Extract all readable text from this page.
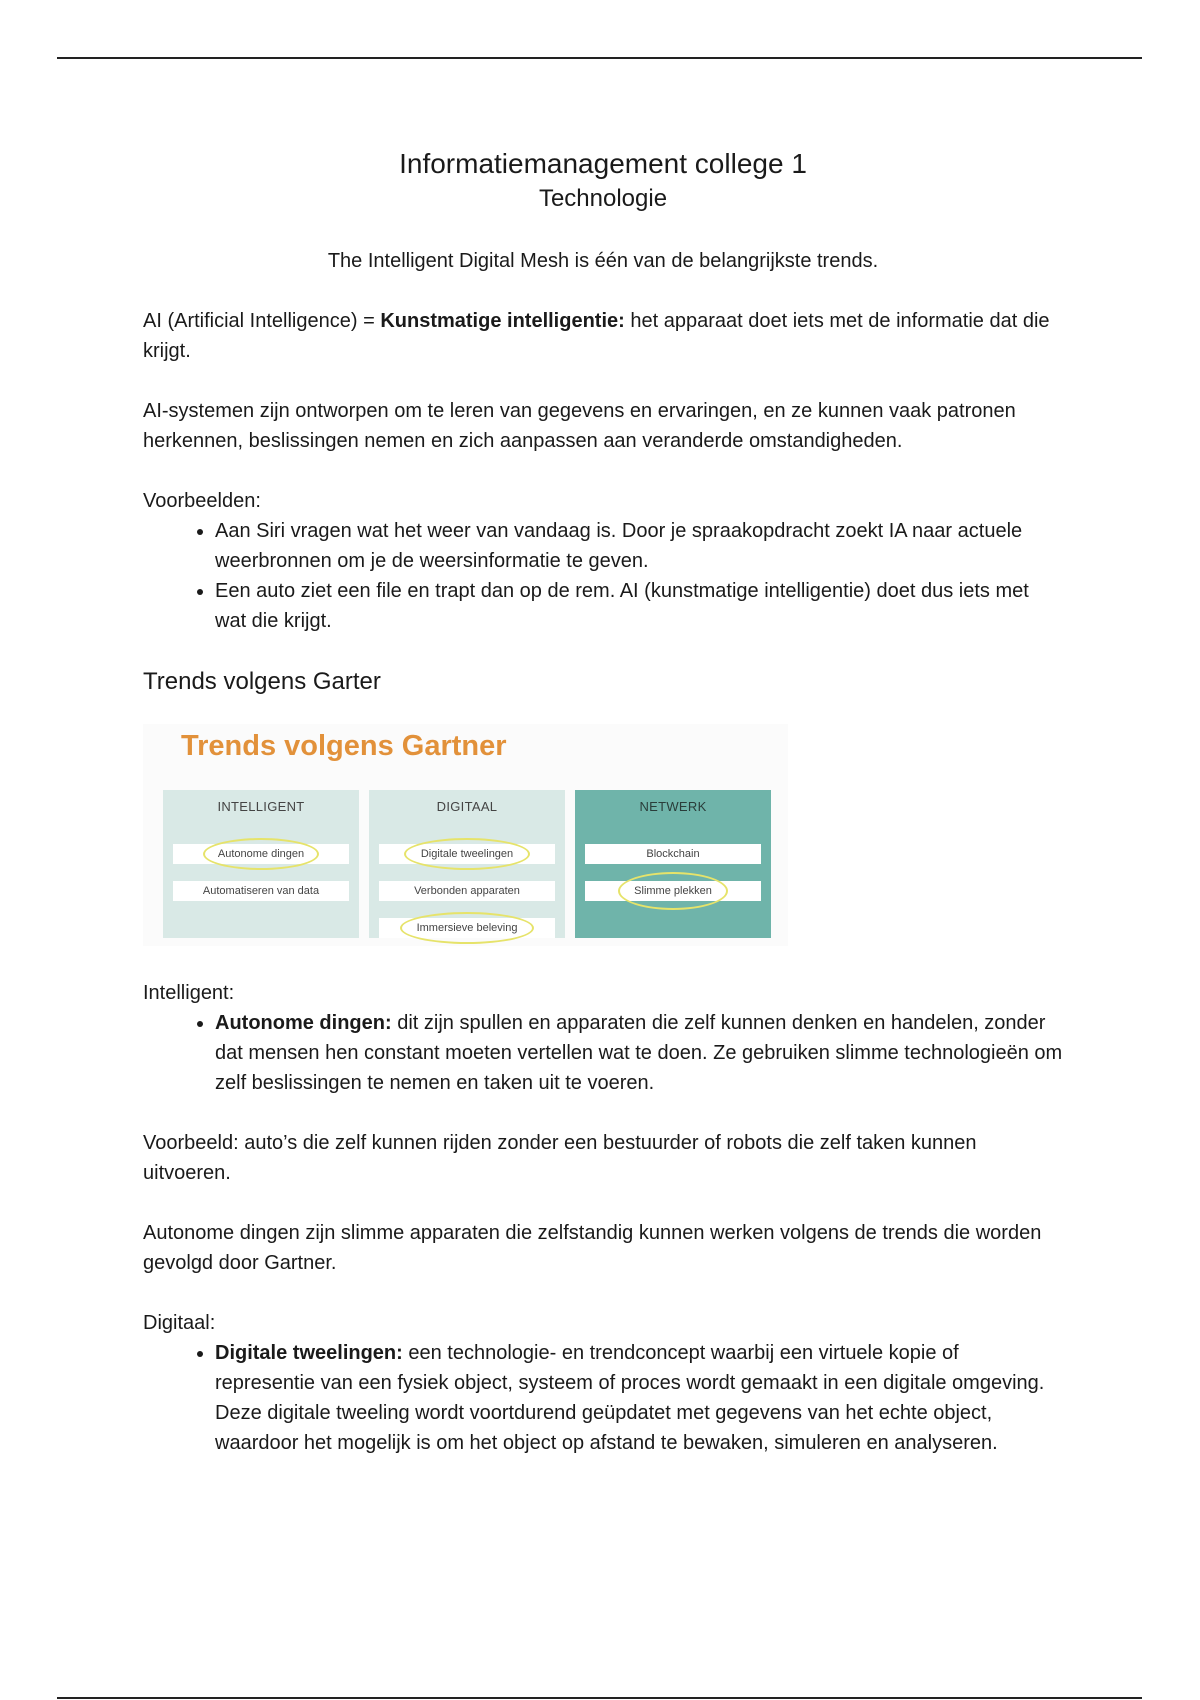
Informatiemanagement college 1
Technologie
The Intelligent Digital Mesh is één van de belangrijkste trends.

AI (Artificial Intelligence) = Kunstmatige intelligentie: het apparaat doet iets met de informatie dat die krijgt.

AI-systemen zijn ontworpen om te leren van gegevens en ervaringen, en ze kunnen vaak patronen herkennen, beslissingen nemen en zich aanpassen aan veranderde omstandigheden.

Voorbeelden:

• Aan Siri vragen wat het weer van vandaag is. Door je spraakopdracht zoekt IA naar actuele weerbronnen om je de weersinformatie te geven.
• Een auto ziet een file en trapt dan op de rem. AI (kunstmatige intelligentie) doet dus iets met wat die krijgt.
Trends volgens Garter
Trends volgens Gartner
INTELLIGENT
Autonome dingen
Automatiseren van data
DIGITAAL
Digitale tweelingen
Verbonden apparaten
Immersieve beleving
NETWERK
Blockchain
Slimme plekken

Intelligent:

• Autonome dingen: dit zijn spullen en apparaten die zelf kunnen denken en handelen, zonder dat mensen hen constant moeten vertellen wat te doen. Ze gebruiken slimme technologieën om zelf beslissingen te nemen en taken uit te voeren.

Voorbeeld: auto’s die zelf kunnen rijden zonder een bestuurder of robots die zelf taken kunnen uitvoeren.

Autonome dingen zijn slimme apparaten die zelfstandig kunnen werken volgens de trends die worden gevolgd door Gartner.

Digitaal:

• Digitale tweelingen: een technologie- en trendconcept waarbij een virtuele kopie of representie van een fysiek object, systeem of proces wordt gemaakt in een digitale omgeving. Deze digitale tweeling wordt voortdurend geüpdatet met gegevens van het echte object, waardoor het mogelijk is om het object op afstand te bewaken, simuleren en analyseren.
